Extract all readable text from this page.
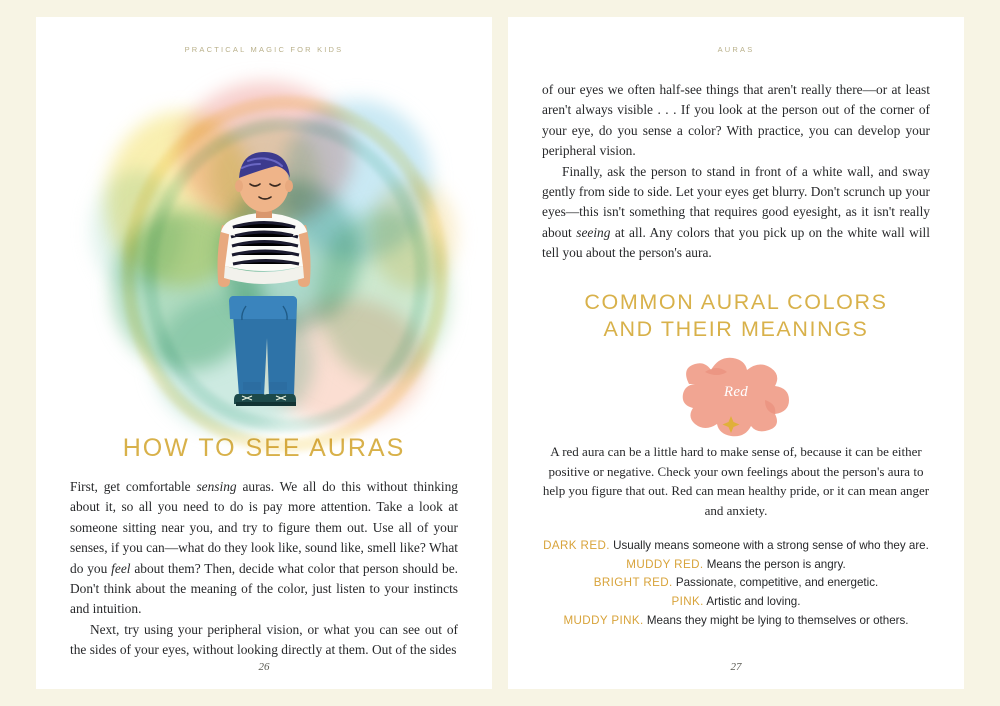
PRACTICAL MAGIC FOR KIDS
HOW TO SEE AURAS

First, get comfortable sensing auras. We all do this without thinking about it, so all you need to do is pay more attention. Take a look at someone sitting near you, and try to figure them out. Use all of your senses, if you can—what do they look like, sound like, smell like? What do you feel about them? Then, decide what color that person should be. Don't think about the meaning of the color, just listen to your instincts and intuition.

Next, try using your peripheral vision, or what you can see out of the sides of your eyes, without looking directly at them. Out of the sides

26
AURAS

of our eyes we often half-see things that aren't really there—or at least aren't always visible . . . If you look at the person out of the corner of your eye, do you sense a color? With practice, you can develop your peripheral vision.

Finally, ask the person to stand in front of a white wall, and sway gently from side to side. Let your eyes get blurry. Don't scrunch up your eyes—this isn't something that requires good eyesight, as it isn't really about seeing at all. Any colors that you pick up on the white wall will tell you about the person's aura.

COMMON AURAL COLORS
AND THEIR MEANINGS
Red

A red aura can be a little hard to make sense of, because it can be either positive or negative. Check your own feelings about the person's aura to help you figure that out. Red can mean healthy pride, or it can mean anger and anxiety.

DARK RED. Usually means someone with a strong sense of who they are.

MUDDY RED. Means the person is angry.

BRIGHT RED. Passionate, competitive, and energetic.

PINK. Artistic and loving.

MUDDY PINK. Means they might be lying to themselves or others.

27
